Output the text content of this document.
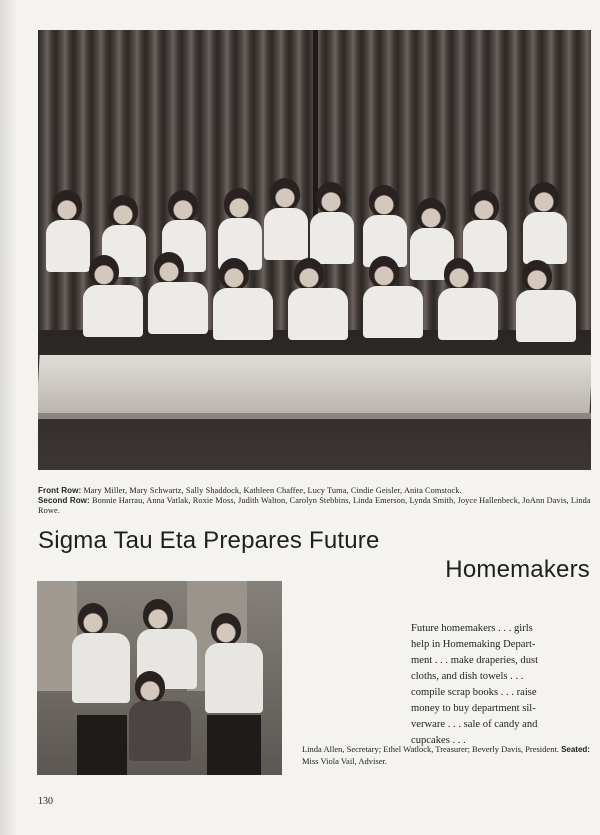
Front Row: Mary Miller, Mary Schwartz, Sally Shaddock, Kathleen Chaffee, Lucy Tuma, Cindie Geisler, Anita Comstock.
Second Row: Bonnie Harrau, Anna Vatlak, Roxie Moss, Judith Walton, Carolyn Stebbins, Linda Emerson, Lynda Smith, Joyce Hallenbeck, JoAnn Davis, Linda Rowe.
Sigma Tau Eta Prepares Future
Homemakers
Future homemakers . . . girls
help in Homemaking Depart-
ment . . . make draperies, dust
cloths, and dish towels . . .
compile scrap books . . . raise
money to buy department sil-
verware . . . sale of candy and
cupcakes . . .
Linda Allen, Secretary; Ethel Watlock, Treasurer; Beverly Davis, President. Seated: Miss Viola Vail, Adviser.
130
